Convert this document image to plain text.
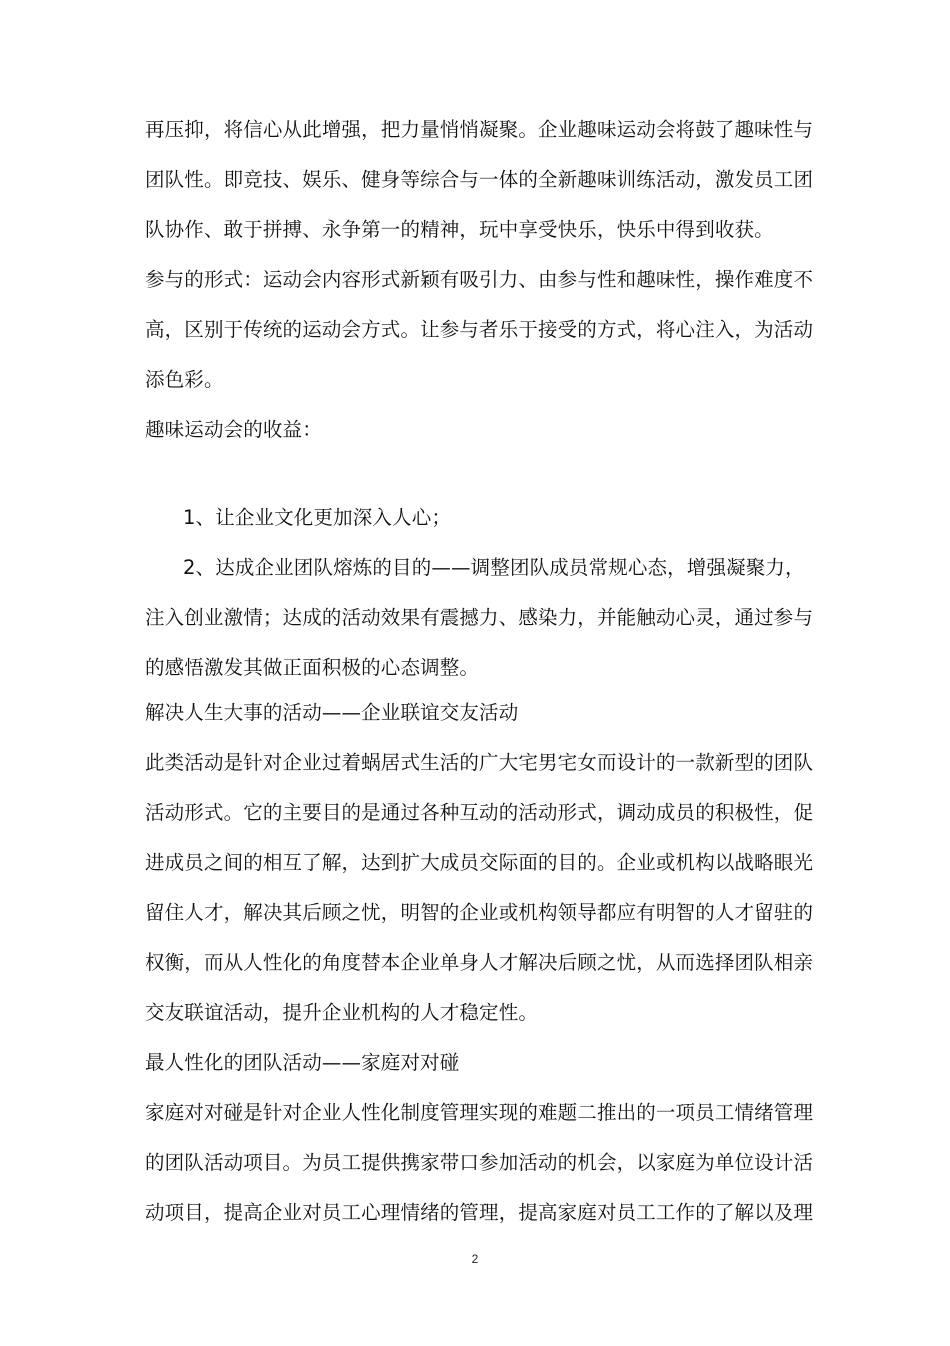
再压抑，将信心从此增强，把力量悄悄凝聚。企业趣味运动会将鼓了趣味性与
团队性。即竞技、娱乐、健身等综合与一体的全新趣味训练活动，激发员工团
队协作、敢于拼搏、永争第一的精神，玩中享受快乐，快乐中得到收获。
参与的形式：运动会内容形式新颖有吸引力、由参与性和趣味性，操作难度不
高，区别于传统的运动会方式。让参与者乐于接受的方式，将心注入，为活动
添色彩。
趣味运动会的收益：
1、让企业文化更加深入人心；
2、达成企业团队熔炼的目的——调整团队成员常规心态，增强凝聚力，
注入创业激情；达成的活动效果有震撼力、感染力，并能触动心灵，通过参与
的感悟激发其做正面积极的心态调整。
解决人生大事的活动——企业联谊交友活动
此类活动是针对企业过着蜗居式生活的广大宅男宅女而设计的一款新型的团队
活动形式。它的主要目的是通过各种互动的活动形式，调动成员的积极性，促
进成员之间的相互了解，达到扩大成员交际面的目的。企业或机构以战略眼光
留住人才，解决其后顾之忧，明智的企业或机构领导都应有明智的人才留驻的
权衡，而从人性化的角度替本企业单身人才解决后顾之忧，从而选择团队相亲
交友联谊活动，提升企业机构的人才稳定性。
最人性化的团队活动——家庭对对碰
家庭对对碰是针对企业人性化制度管理实现的难题二推出的一项员工情绪管理
的团队活动项目。为员工提供携家带口参加活动的机会，以家庭为单位设计活
动项目，提高企业对员工心理情绪的管理，提高家庭对员工工作的了解以及理
2
